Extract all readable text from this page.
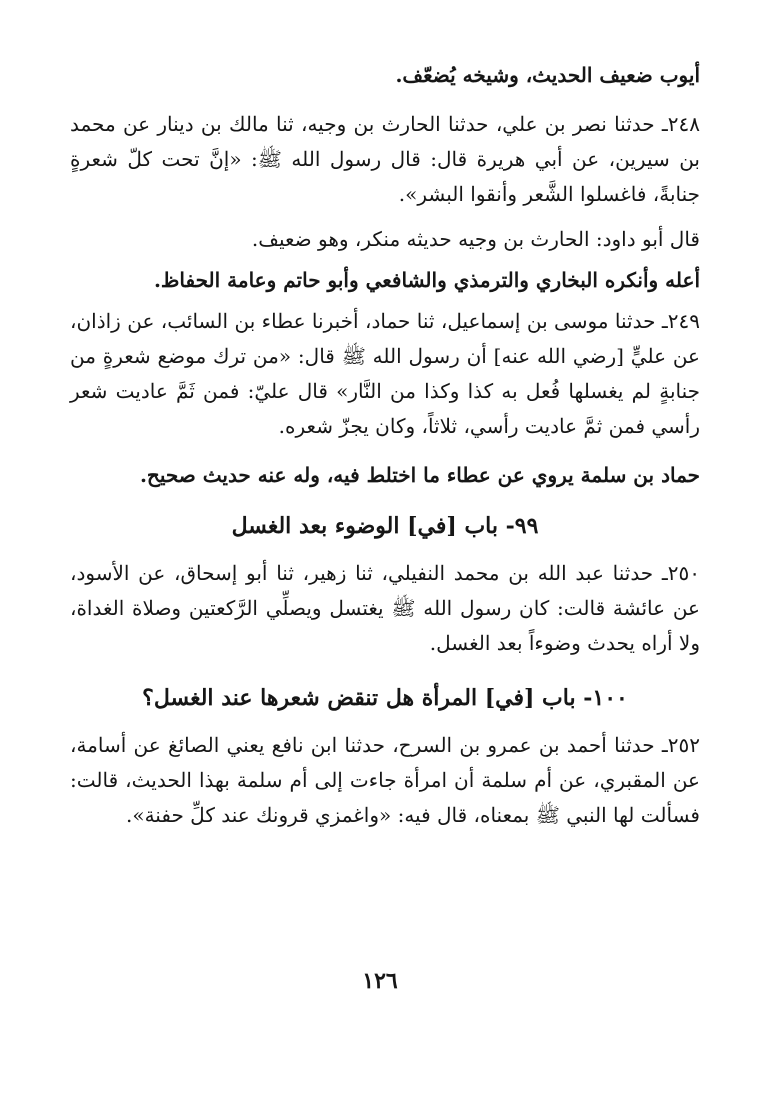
أيوب ضعيف الحديث، وشيخه يُضعّف.
٢٤٨ـ حدثنا نصر بن علي، حدثنا الحارث بن وجيه، ثنا مالك بن دينار عن محمد بن سيرين، عن أبي هريرة قال: قال رسول الله ﷺ: «إنَّ تحت كلّ شعرةٍ جنابةً، فاغسلوا الشَّعر وأنقوا البشر».
قال أبو داود: الحارث بن وجيه حديثه منكر، وهو ضعيف.
أعله وأنكره البخاري والترمذي والشافعي وأبو حاتم وعامة الحفاظ.
٢٤٩ـ حدثنا موسى بن إسماعيل، ثنا حماد، أخبرنا عطاء بن السائب، عن زاذان، عن عليٍّ [رضي الله عنه] أن رسول الله ﷺ قال: «من ترك موضع شعرةٍ من جنابةٍ لم يغسلها فُعل به كذا وكذا من النَّار» قال عليّ: فمن ثَمَّ عاديت شعر رأسي فمن ثمَّ عاديت رأسي، ثلاثاً، وكان يجزّ شعره.
حماد بن سلمة يروي عن عطاء ما اختلط فيه، وله عنه حديث صحيح.
٩٩- باب [في] الوضوء بعد الغسل
٢٥٠ـ حدثنا عبد الله بن محمد النفيلي، ثنا زهير، ثنا أبو إسحاق، عن الأسود، عن عائشة قالت: كان رسول الله ﷺ يغتسل ويصلِّي الرَّكعتين وصلاة الغداة، ولا أراه يحدث وضوءاً بعد الغسل.
١٠٠- باب [في] المرأة هل تنقض شعرها عند الغسل؟
٢٥٢ـ حدثنا أحمد بن عمرو بن السرح، حدثنا ابن نافع يعني الصائغ عن أسامة، عن المقبري، عن أم سلمة أن امرأة جاءت إلى أم سلمة بهذا الحديث، قالت: فسألت لها النبي ﷺ بمعناه، قال فيه: «واغمزي قرونك عند كلِّ حفنة».
١٢٦
